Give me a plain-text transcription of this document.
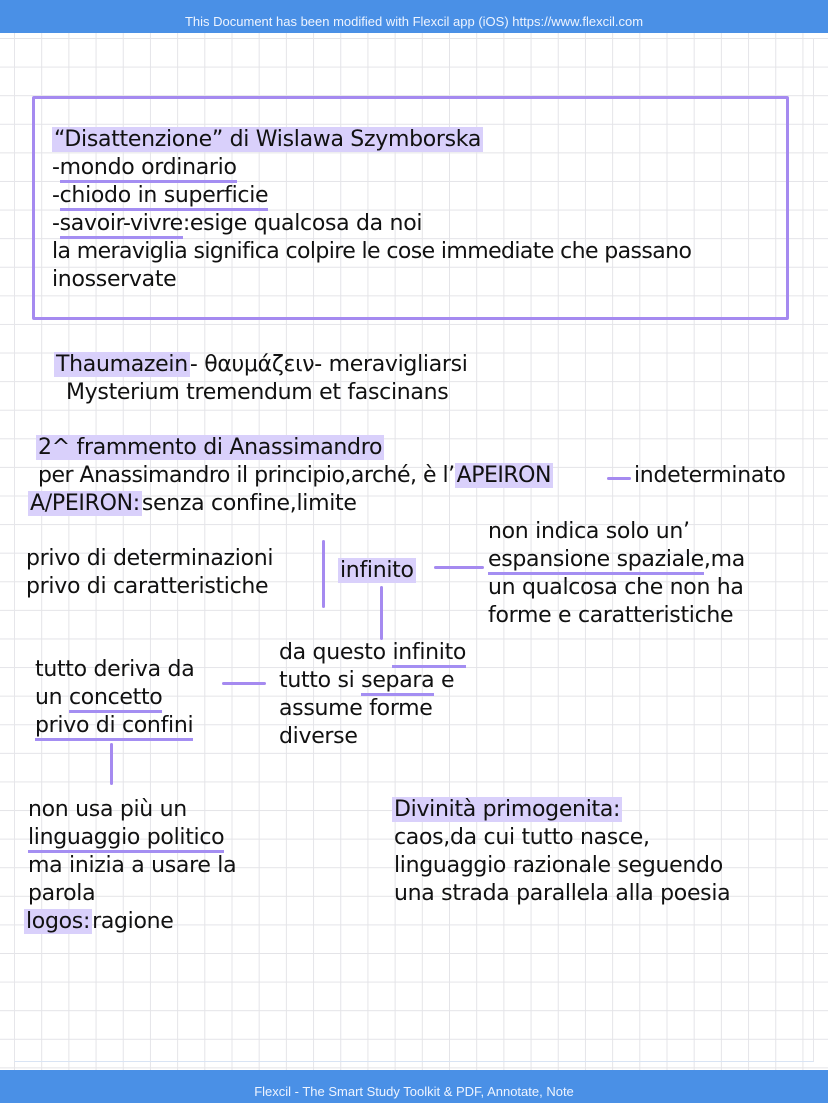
This Document has been modified with Flexcil app (iOS) https://www.flexcil.com
“Disattenzione” di Wislawa Szymborska
-mondo ordinario
-chiodo in superficie
-savoir-vivre:esige qualcosa da noi
la meraviglia significa colpire le cose immediate che passano
inosservate
Thaumazein- θαυμάζειν- meravigliarsi
Mysterium tremendum et fascinans
2^ frammento di Anassimandro
per Anassimandro il principio,arché, è l’APEIRON	indeterminato
A/PEIRON:senza confine,limite
privo di determinazioni
privo di caratteristiche
infinito
non indica solo un’
espansione spaziale,ma
un qualcosa che non ha
forme e caratteristiche
da questo infinito
tutto si separa e
assume forme
diverse
tutto deriva da
un concetto
privo di confini
non usa più un
linguaggio politico
ma inizia a usare la
parola
logos:ragione
Divinità primogenita:
caos,da cui tutto nasce,
linguaggio razionale seguendo
una strada parallela alla poesia
Flexcil - The Smart Study Toolkit & PDF, Annotate, Note
